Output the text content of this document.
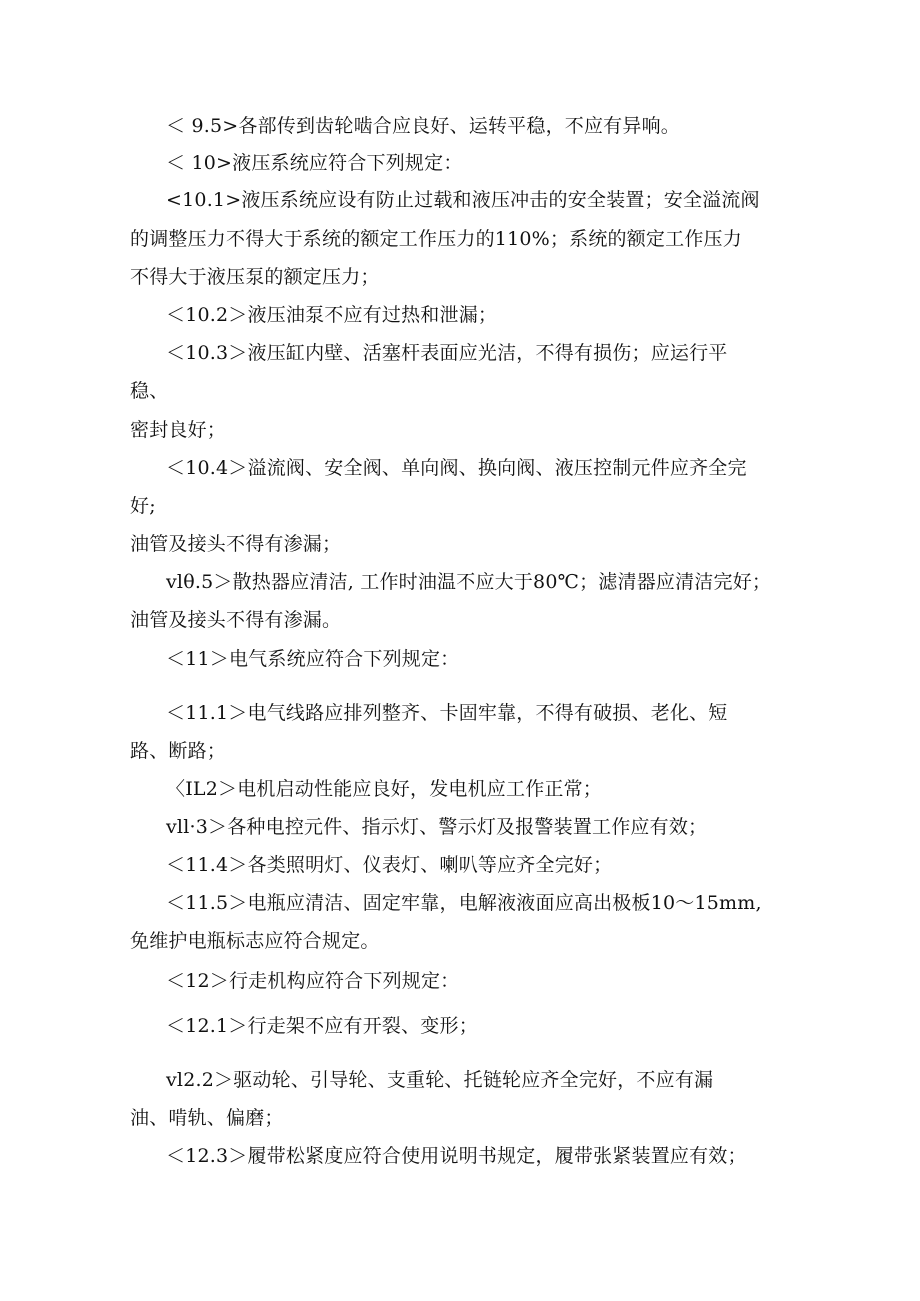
＜ 9.5>各部传到齿轮啮合应良好、运转平稳，不应有异响。
＜ 10>液压系统应符合下列规定：
<10.1>液压系统应设有防止过载和液压冲击的安全装置；安全溢流阀
的调整压力不得大于系统的额定工作压力的110%；系统的额定工作压力
不得大于液压泵的额定压力；
＜10.2＞液压油泵不应有过热和泄漏；
＜10.3＞液压缸内壁、活塞杆表面应光洁，不得有损伤；应运行平
稳、
密封良好；
＜10.4＞溢流阀、安全阀、单向阀、换向阀、液压控制元件应齐全完
好;
油管及接头不得有渗漏；
vlθ.5＞散热器应清洁, 工作时油温不应大于80℃；滤清器应清洁完好；
油管及接头不得有渗漏。
＜11＞电气系统应符合下列规定：
＜11.1＞电气线路应排列整齐、卡固牢靠，不得有破损、老化、短
路、断路；
〈IL2＞电机启动性能应良好，发电机应工作正常；
vll·3＞各种电控元件、指示灯、警示灯及报警装置工作应有效；
＜11.4＞各类照明灯、仪表灯、喇叭等应齐全完好；
＜11.5＞电瓶应清洁、固定牢靠，电解液液面应高出极板10～15mm,
免维护电瓶标志应符合规定。
＜12＞行走机构应符合下列规定：
＜12.1＞行走架不应有开裂、变形；
vl2.2＞驱动轮、引导轮、支重轮、托链轮应齐全完好，不应有漏
油、啃轨、偏磨；
＜12.3＞履带松紧度应符合使用说明书规定，履带张紧装置应有效；
